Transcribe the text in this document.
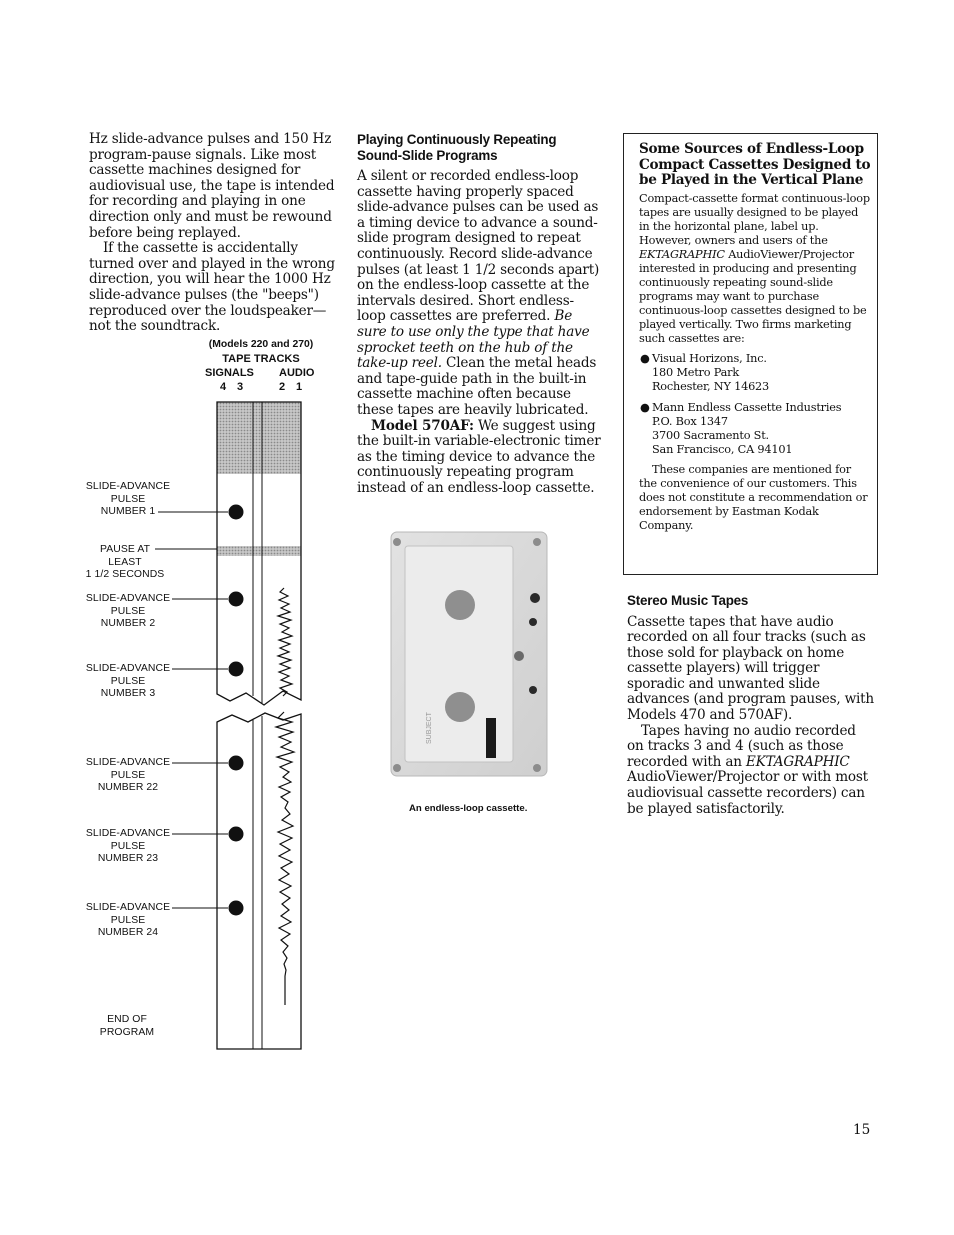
Hz slide-advance pulses and 150 Hz program-pause signals. Like most cassette machines designed for audiovisual use, the tape is intended for recording and playing in one direction only and must be rewound before being replayed.

If the cassette is accidentally turned over and played in the wrong direction, you will hear the 1000 Hz slide-advance pulses (the "beeps") reproduced over the loudspeaker—not the soundtrack.

(Models 220 and 270)
TAPE TRACKS
SIGNALS AUDIO
4 3	2 1
SLIDE-ADVANCE
PULSE
NUMBER 1
PAUSE AT
LEAST
1 1/2 SECONDS
SLIDE-ADVANCE
PULSE
NUMBER 2
SLIDE-ADVANCE
PULSE
NUMBER 3
SLIDE-ADVANCE
PULSE
NUMBER 22
SLIDE-ADVANCE
PULSE
NUMBER 23
SLIDE-ADVANCE
PULSE
NUMBER 24
END OF
PROGRAM
Playing Continuously Repeating Sound-Slide Programs

A silent or recorded endless-loop cassette having properly spaced slide-advance pulses can be used as a timing device to advance a sound-slide program designed to repeat continuously. Record slide-advance pulses (at least 1 1/2 seconds apart) on the endless-loop cassette at the intervals desired. Short endless-loop cassettes are preferred. Be sure to use only the type that have sprocket teeth on the hub of the take-up reel. Clean the metal heads and tape-guide path in the built-in cassette machine often because these tapes are heavily lubricated.

Model 570AF: We suggest using the built-in variable-electronic timer as the timing device to advance the continuously repeating program instead of an endless-loop cassette.

SUBJECT
An endless-loop cassette.
Some Sources of Endless-Loop Compact Cassettes Designed to be Played in the Vertical Plane

Compact-cassette format continuous-loop tapes are usually designed to be played in the horizontal plane, label up. However, owners and users of the EKTAGRAPHIC AudioViewer/Projector interested in producing and presenting continuously repeating sound-slide programs may want to purchase continuous-loop cassettes designed to be played vertically. Two firms marketing such cassettes are:

● Visual Horizons, Inc.
180 Metro Park
Rochester, NY 14623
● Mann Endless Cassette Industries
P.O. Box 1347
3700 Sacramento St.
San Francisco, CA 94101

These companies are mentioned for the convenience of our customers. This does not constitute a recommendation or endorsement by Eastman Kodak Company.

Stereo Music Tapes

Cassette tapes that have audio recorded on all four tracks (such as those sold for playback on home cassette players) will trigger sporadic and unwanted slide advances (and program pauses, with Models 470 and 570AF).

Tapes having no audio recorded on tracks 3 and 4 (such as those recorded with an EKTAGRAPHIC AudioViewer/Projector or with most audiovisual cassette recorders) can be played satisfactorily.

15
